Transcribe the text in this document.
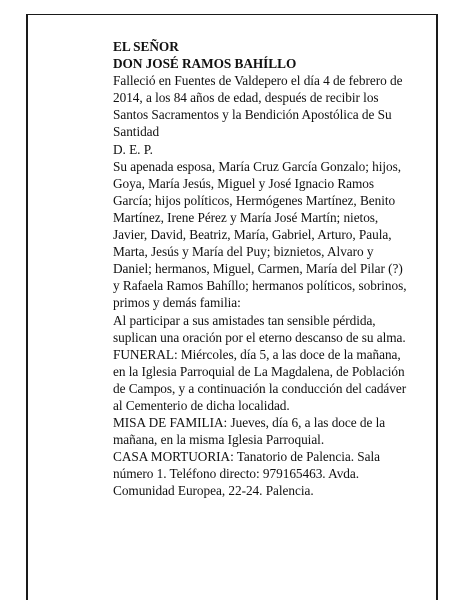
EL SEÑOR
DON JOSÉ RAMOS BAHÍLLO
Falleció en Fuentes de Valdepero el día 4 de febrero de
2014, a los 84 años de edad, después de recibir los
Santos Sacramentos y la Bendición Apostólica de Su
Santidad
D. E. P.
Su apenada esposa, María Cruz García Gonzalo; hijos,
Goya, María Jesús, Miguel y José Ignacio Ramos
García; hijos políticos, Hermógenes Martínez, Benito
Martínez, Irene Pérez y María José Martín; nietos,
Javier, David, Beatriz, María, Gabriel, Arturo, Paula,
Marta, Jesús y María del Puy; biznietos, Alvaro y
Daniel; hermanos, Miguel, Carmen, María del Pilar (?)
y Rafaela Ramos Bahíllo; hermanos políticos, sobrinos,
primos y demás familia:
Al participar a sus amistades tan sensible pérdida,
suplican una oración por el eterno descanso de su alma.
FUNERAL: Miércoles, día 5, a las doce de la mañana,
en la Iglesia Parroquial de La Magdalena, de Población
de Campos, y a continuación la conducción del cadáver
al Cementerio de dicha localidad.
MISA DE FAMILIA: Jueves, día 6, a las doce de la
mañana, en la misma Iglesia Parroquial.
CASA MORTUORIA: Tanatorio de Palencia. Sala
número 1. Teléfono directo: 979165463. Avda.
Comunidad Europea, 22-24. Palencia.
